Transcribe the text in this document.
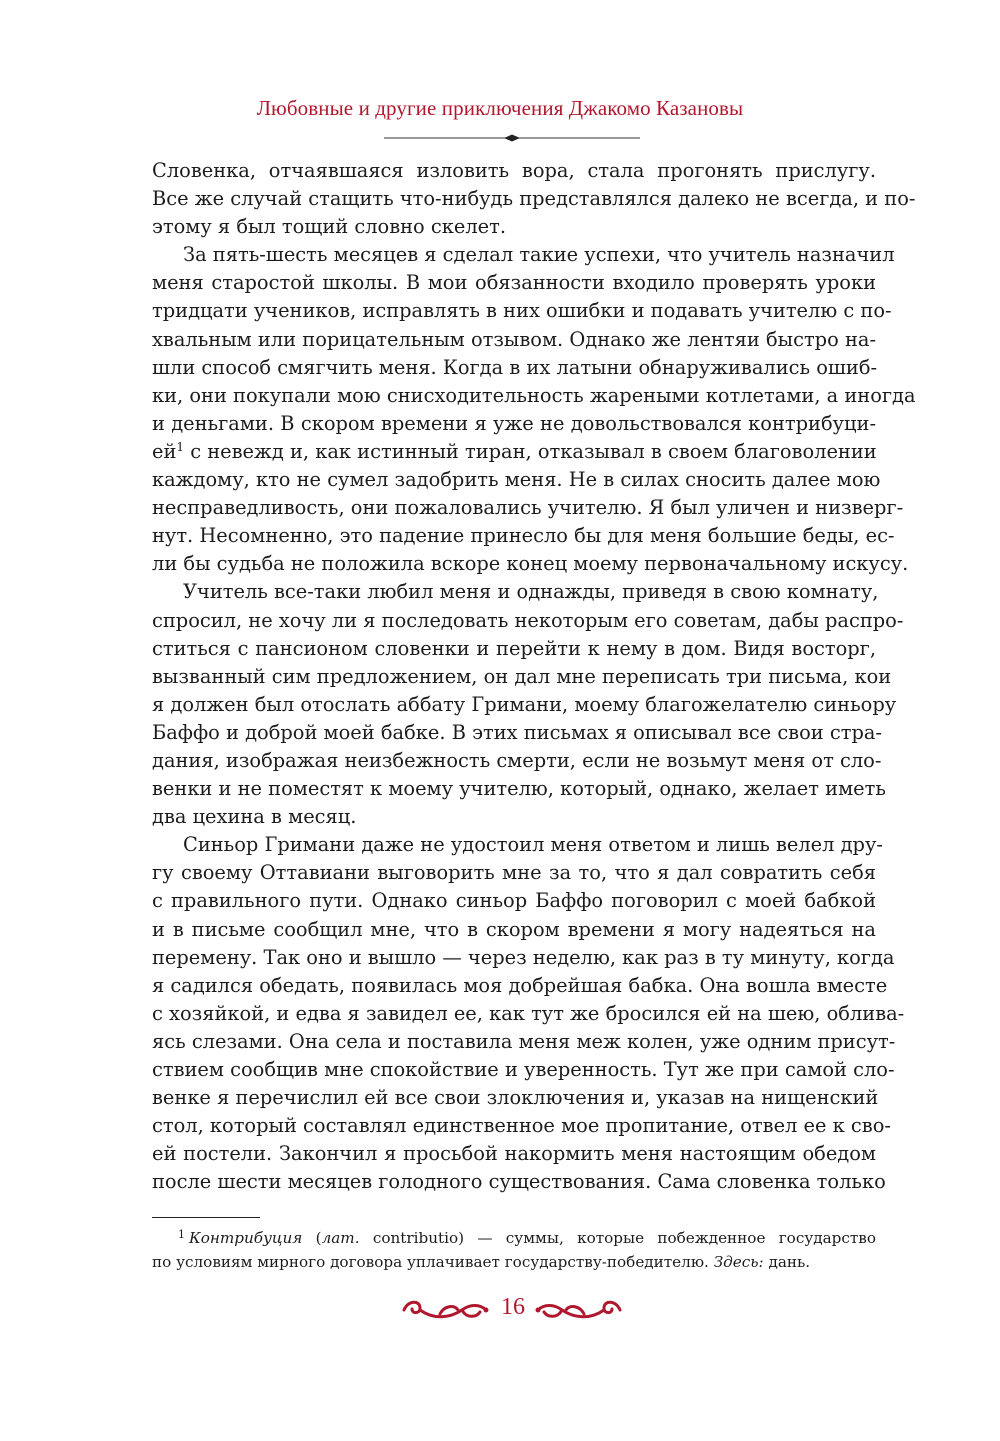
Любовные и другие приключения Джакомо Казановы
Словенка, отчаявшаяся изловить вора, стала прогонять прислугу.
Все же случай стащить что-нибудь представлялся далеко не всегда, и по-
этому я был тощий словно скелет.
За пять-шесть месяцев я сделал такие успехи, что учитель назначил
меня старостой школы. В мои обязанности входило проверять уроки
тридцати учеников, исправлять в них ошибки и подавать учителю с по-
хвальным или порицательным отзывом. Однако же лентяи быстро на-
шли способ смягчить меня. Когда в их латыни обнаруживались ошиб-
ки, они покупали мою снисходительность жареными котлетами, а иногда
и деньгами. В скором времени я уже не довольствовался контрибуци-
ей$^1$ с невежд и, как истинный тиран, отказывал в своем благоволении
каждому, кто не сумел задобрить меня. Не в силах сносить далее мою
несправедливость, они пожаловались учителю. Я был уличен и низверг-
нут. Несомненно, это падение принесло бы для меня большие беды, ес-
ли бы судьба не положила вскоре конец моему первоначальному искусу.
Учитель все-таки любил меня и однажды, приведя в свою комнату,
спросил, не хочу ли я последовать некоторым его советам, дабы распро-
ститься с пансионом словенки и перейти к нему в дом. Видя восторг,
вызванный сим предложением, он дал мне переписать три письма, кои
я должен был отослать аббату Гримани, моему благожелателю синьору
Баффо и доброй моей бабке. В этих письмах я описывал все свои стра-
дания, изображая неизбежность смерти, если не возьмут меня от сло-
венки и не поместят к моему учителю, который, однако, желает иметь
два цехина в месяц.
Синьор Гримани даже не удостоил меня ответом и лишь велел дру-
гу своему Оттавиани выговорить мне за то, что я дал совратить себя
с правильного пути. Однако синьор Баффо поговорил с моей бабкой
и в письме сообщил мне, что в скором времени я могу надеяться на
перемену. Так оно и вышло — через неделю, как раз в ту минуту, когда
я садился обедать, появилась моя добрейшая бабка. Она вошла вместе
с хозяйкой, и едва я завидел ее, как тут же бросился ей на шею, облива-
ясь слезами. Она села и поставила меня меж колен, уже одним присут-
ствием сообщив мне спокойствие и уверенность. Тут же при самой сло-
венке я перечислил ей все свои злоключения и, указав на нищенский
стол, который составлял единственное мое пропитание, отвел ее к сво-
ей постели. Закончил я просьбой накормить меня настоящим обедом
после шести месяцев голодного существования. Сама словенка только
$^1$ Контрибуция (лат. contributio) — суммы, которые побежденное государство
по условиям мирного договора уплачивает государству-победителю. Здесь: дань.
16
